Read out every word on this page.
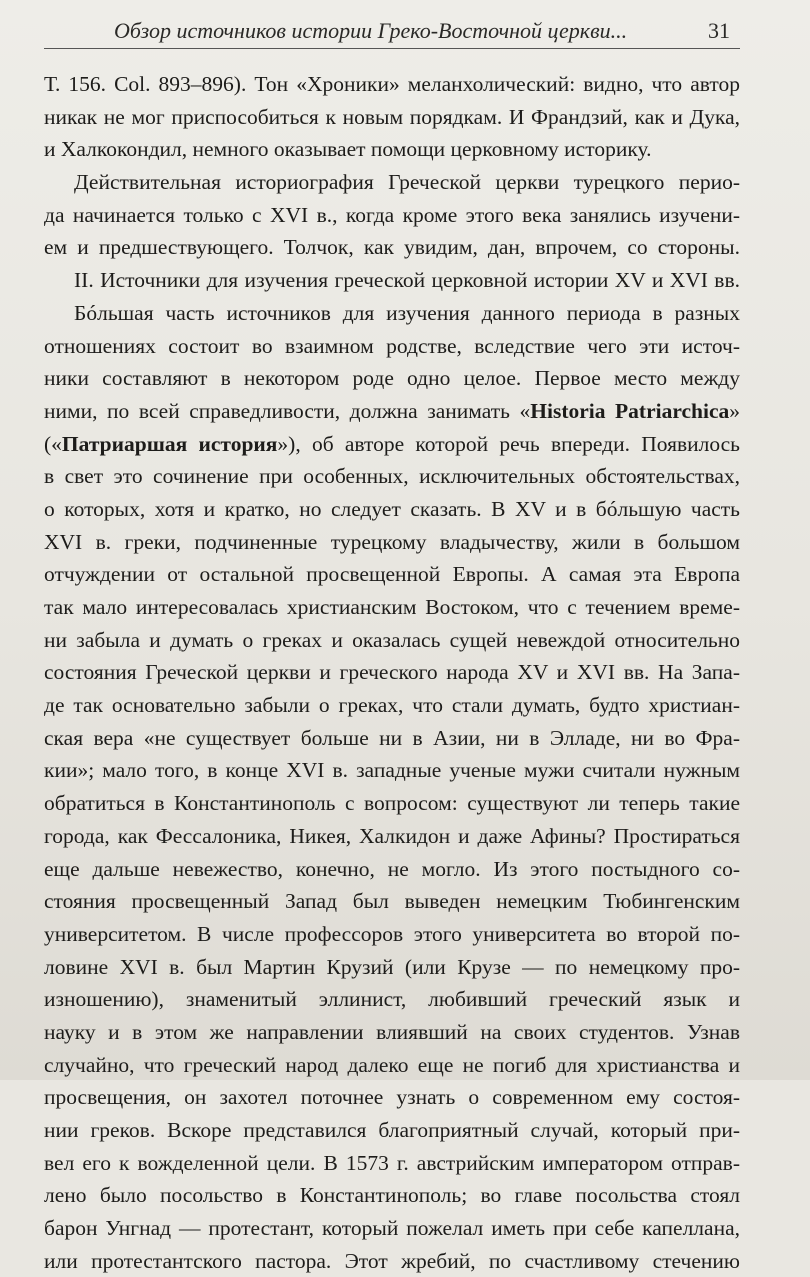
Обзор источников истории Греко-Восточной церкви...	31
Т. 156. Col. 893–896). Тон «Хроники» меланхолический: видно, что автор
никак не мог приспособиться к новым порядкам. И Франдзий, как и Дука,
и Халкокондил, немного оказывает помощи церковному историку.
Действительная историография Греческой церкви турецкого перио-
да начинается только с XVI в., когда кроме этого века занялись изучени-
ем и предшествующего. Толчок, как увидим, дан, впрочем, со стороны.
II. Источники для изучения греческой церковной истории XV и XVI вв.
Бóльшая часть источников для изучения данного периода в разных
отношениях состоит во взаимном родстве, вследствие чего эти источ-
ники составляют в некотором роде одно целое. Первое место между
ними, по всей справедливости, должна занимать «Historia Patriarchica»
(«Патриаршая история»), об авторе которой речь впереди. Появилось
в свет это сочинение при особенных, исключительных обстоятельствах,
о которых, хотя и кратко, но следует сказать. В XV и в бóльшую часть
XVI в. греки, подчиненные турецкому владычеству, жили в большом
отчуждении от остальной просвещенной Европы. А самая эта Европа
так мало интересовалась христианским Востоком, что с течением време-
ни забыла и думать о греках и оказалась сущей невеждой относительно
состояния Греческой церкви и греческого народа XV и XVI вв. На Запа-
де так основательно забыли о греках, что стали думать, будто христиан-
ская вера «не существует больше ни в Азии, ни в Элладе, ни во Фра-
кии»; мало того, в конце XVI в. западные ученые мужи считали нужным
обратиться в Константинополь с вопросом: существуют ли теперь такие
города, как Фессалоника, Никея, Халкидон и даже Афины? Простираться
еще дальше невежество, конечно, не могло. Из этого постыдного со-
стояния просвещенный Запад был выведен немецким Тюбингенским
университетом. В числе профессоров этого университета во второй по-
ловине XVI в. был Мартин Крузий (или Крузе — по немецкому про-
изношению), знаменитый эллинист, любивший греческий язык и
науку и в этом же направлении влиявший на своих студентов. Узнав
случайно, что греческий народ далеко еще не погиб для христианства и
просвещения, он захотел поточнее узнать о современном ему состоя-
нии греков. Вскоре представился благоприятный случай, который при-
вел его к вожделенной цели. В 1573 г. австрийским императором отправ-
лено было посольство в Константинополь; во главе посольства стоял
барон Унгнад — протестант, который пожелал иметь при себе капеллана,
или протестантского пастора. Этот жребий, по счастливому стечению
